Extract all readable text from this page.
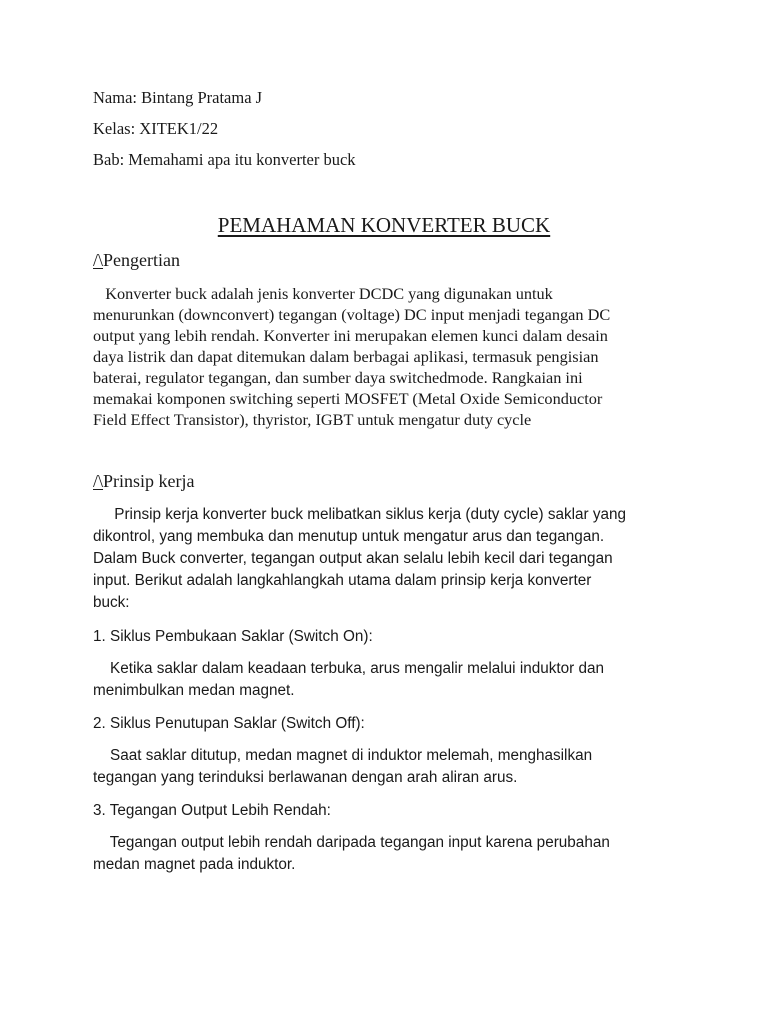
Nama: Bintang Pratama J
Kelas: XITEK1/22
Bab: Memahami apa itu konverter buck
PEMAHAMAN KONVERTER BUCK
/\Pengertian
Konverter buck adalah jenis konverter DCDC yang digunakan untuk
menurunkan (downconvert) tegangan (voltage) DC input menjadi tegangan DC
output yang lebih rendah. Konverter ini merupakan elemen kunci dalam desain
daya listrik dan dapat ditemukan dalam berbagai aplikasi, termasuk pengisian
baterai, regulator tegangan, dan sumber daya switchedmode. Rangkaian ini
memakai komponen switching seperti MOSFET (Metal Oxide Semiconductor
Field Effect Transistor), thyristor, IGBT untuk mengatur duty cycle
/\Prinsip kerja
Prinsip kerja konverter buck melibatkan siklus kerja (duty cycle) saklar yang
dikontrol, yang membuka dan menutup untuk mengatur arus dan tegangan.
Dalam Buck converter, tegangan output akan selalu lebih kecil dari tegangan
input. Berikut adalah langkahlangkah utama dalam prinsip kerja konverter
buck:
1. Siklus Pembukaan Saklar (Switch On):
Ketika saklar dalam keadaan terbuka, arus mengalir melalui induktor dan
menimbulkan medan magnet.
2. Siklus Penutupan Saklar (Switch Off):
Saat saklar ditutup, medan magnet di induktor melemah, menghasilkan
tegangan yang terinduksi berlawanan dengan arah aliran arus.
3. Tegangan Output Lebih Rendah:
Tegangan output lebih rendah daripada tegangan input karena perubahan
medan magnet pada induktor.
